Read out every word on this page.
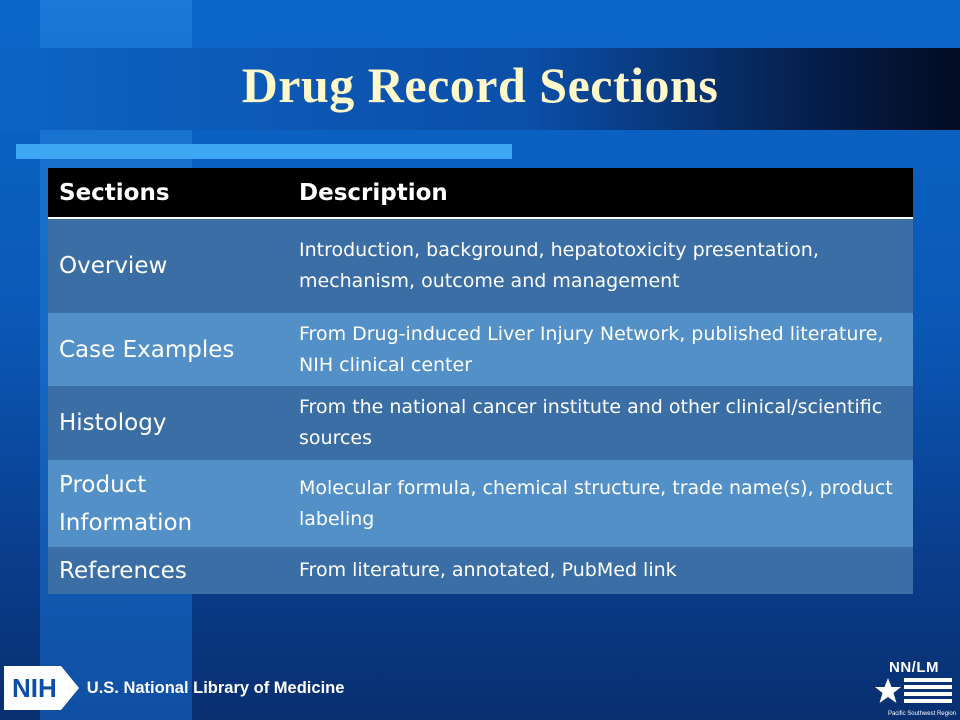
Drug Record Sections
Sections	Description
Overview	Introduction, background, hepatotoxicity presentation, mechanism, outcome and management
Case Examples	From Drug-induced Liver Injury Network, published literature, NIH clinical center
Histology	From the national cancer institute and other clinical/scientific sources
Product Information	Molecular formula, chemical structure, trade name(s), product labeling
References	From literature, annotated, PubMed link
NIH U.S. National Library of Medicine
NN/LM
Pacific Southwest Region
